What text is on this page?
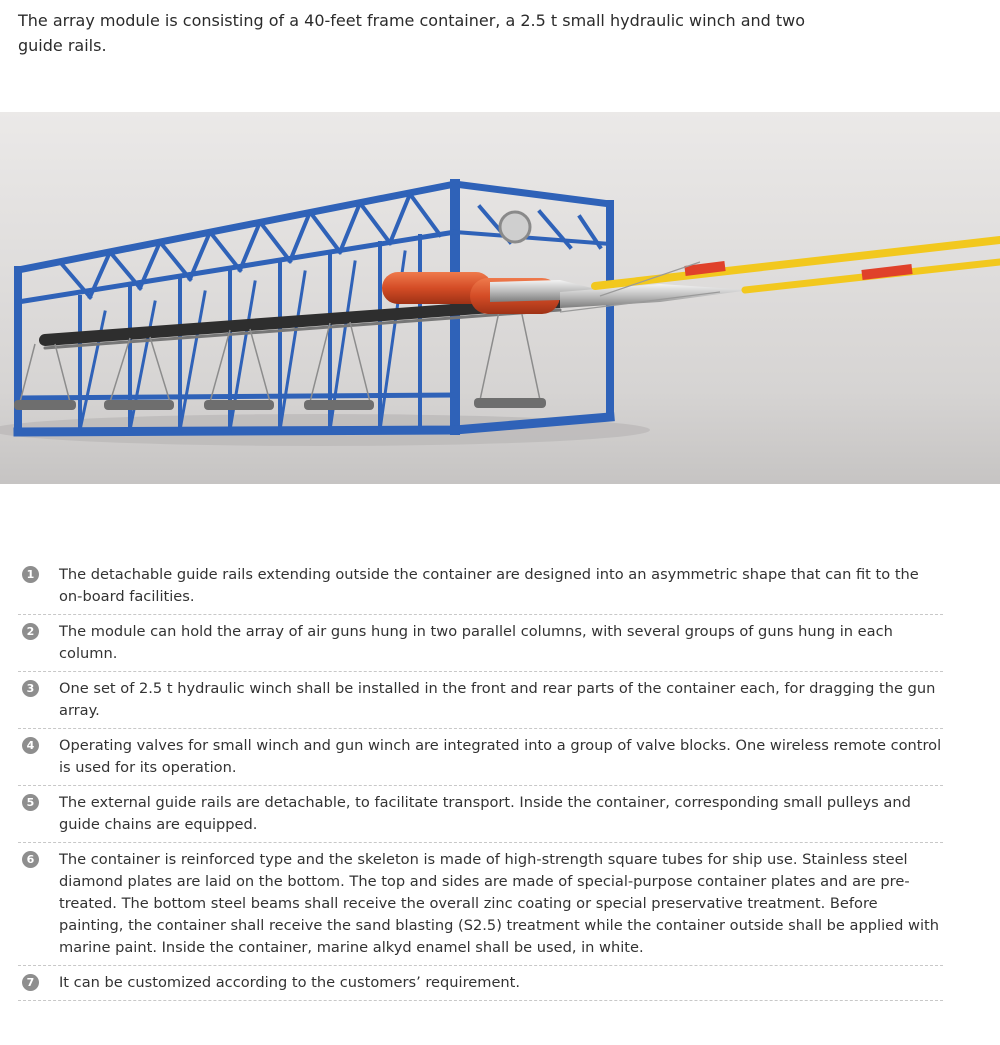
The array module is consisting of a 40-feet frame container, a 2.5 t small hydraulic winch and two guide rails.

1	The detachable guide rails extending outside the container are designed into an asymmetric shape that can fit to the on-board facilities.
2	The module can hold the array of air guns hung in two parallel columns, with several groups of guns hung in each column.
3	One set of 2.5 t hydraulic winch shall be installed in the front and rear parts of the container each, for dragging the gun array.
4	Operating valves for small winch and gun winch are integrated into a group of valve blocks. One wireless remote control is used for its operation.
5	The external guide rails are detachable, to facilitate transport. Inside the container, corresponding small pulleys and guide chains are equipped.
6	The container is reinforced type and the skeleton is made of high-strength square tubes for ship use. Stainless steel diamond plates are laid on the bottom. The top and sides are made of special-purpose container plates and are pre-treated. The bottom steel beams shall receive the overall zinc coating or special preservative treatment. Before painting, the container shall receive the sand blasting (S2.5) treatment while the container outside shall be applied with marine paint. Inside the container, marine alkyd enamel shall be used, in white.
7	It can be customized according to the customers’ requirement.
